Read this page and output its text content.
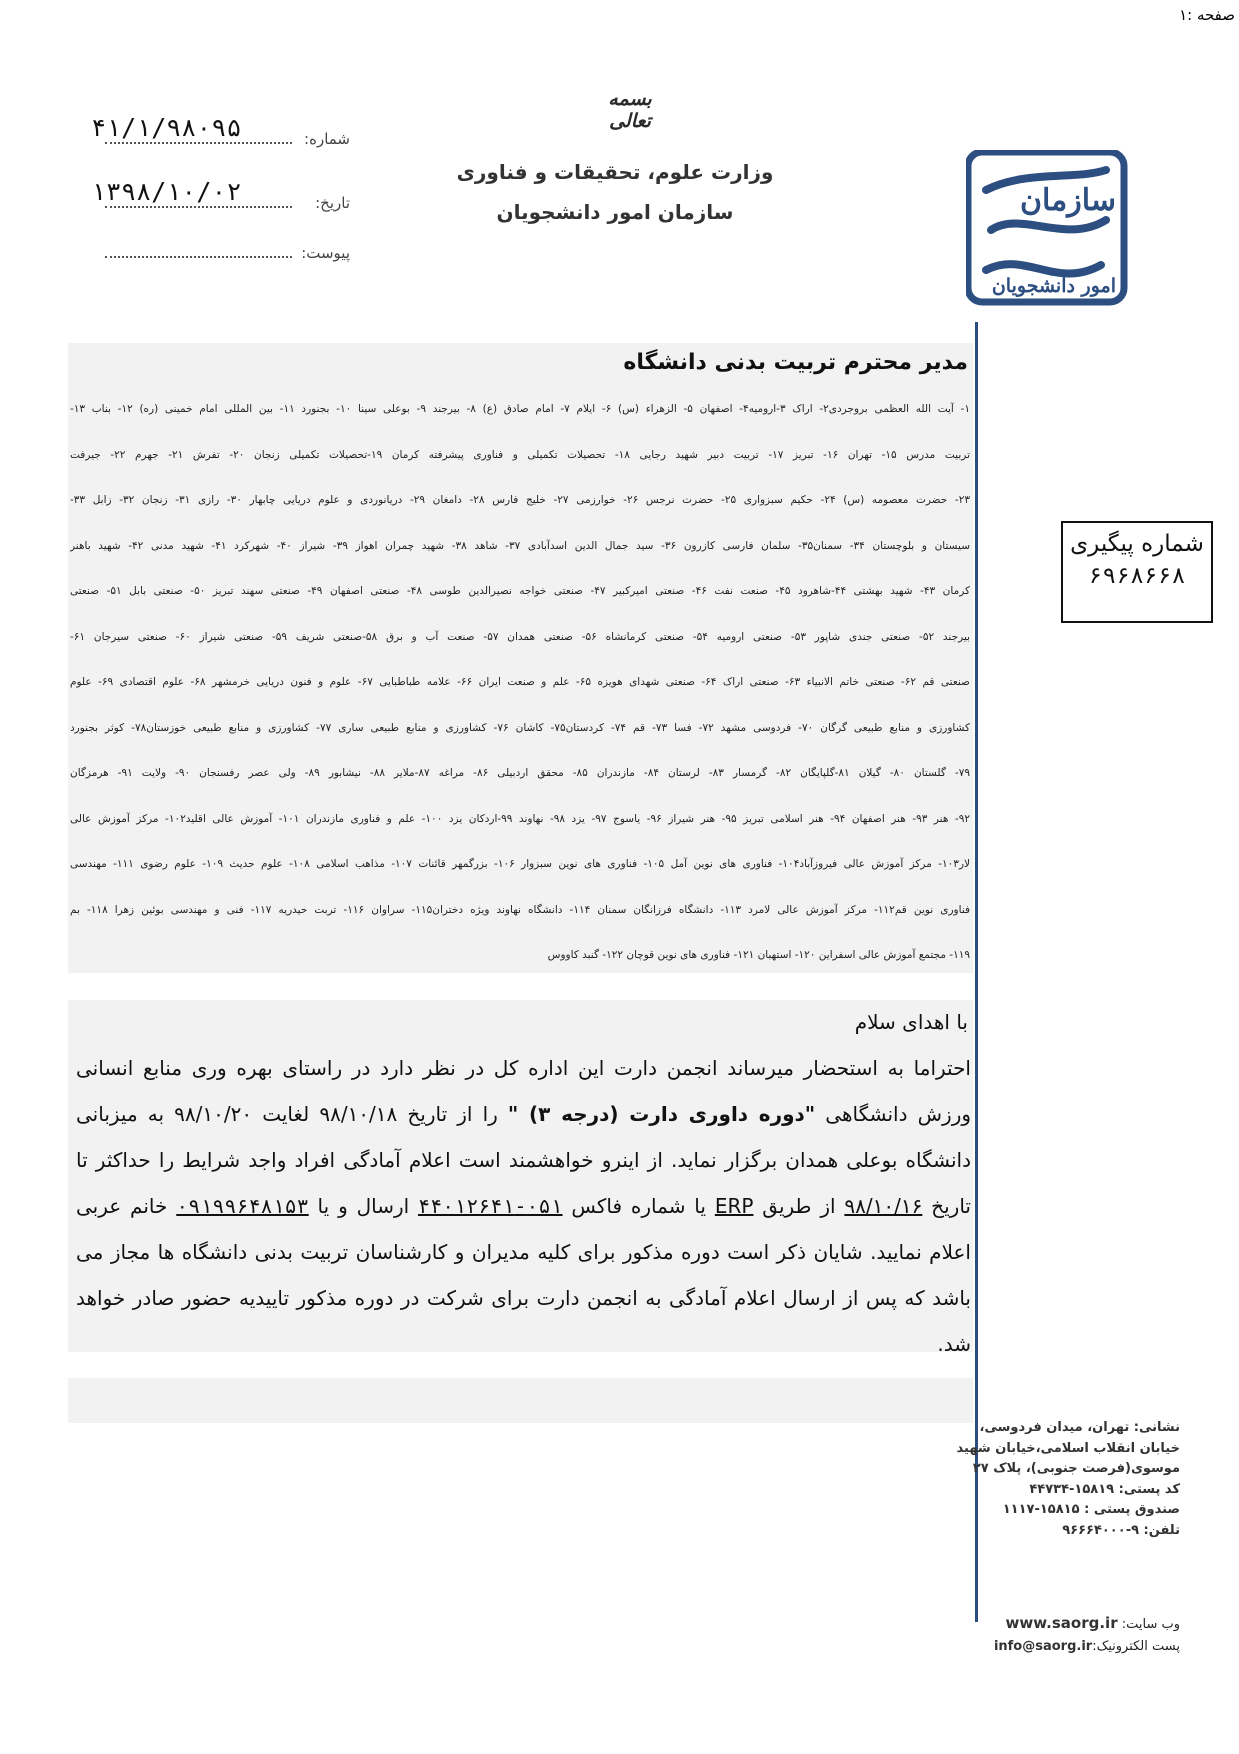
صفحه :۱
بسمه تعالی
وزارت علوم، تحقیقات و فناوری
سازمان امور دانشجویان
شماره:
۴۱/۱/۹۸۰۹۵
تاریخ:
۱۳۹۸/۱۰/۰۲
پیوست:
سازمان
امور دانشجویان
مدیر محترم تربیت بدنی دانشگاه
۱- آیت الله العظمی بروجردی۲- اراک ۳-ارومیه۴- اصفهان ۵- الزهراء (س) ۶- ایلام ۷- امام صادق (ع) ۸- بیرجند ۹- بوعلی سینا ۱۰- بجنورد ۱۱- بین المللی امام خمینی (ره) ۱۲- بناب ۱۳-
تربیت مدرس ۱۵- تهران ۱۶- تبریز ۱۷- تربیت دبیر شهید رجایی ۱۸- تحصیلات تکمیلی و فناوری پیشرفته کرمان ۱۹-تحصیلات تکمیلی زنجان ۲۰- تفرش ۲۱- جهرم ۲۲- جیرفت
۲۳- حضرت معصومه (س) ۲۴- حکیم سبزواری ۲۵- حضرت نرجس ۲۶- خوارزمی ۲۷- خلیج فارس ۲۸- دامغان ۲۹- دریانوردی و علوم دریایی چابهار ۳۰- رازی ۳۱- زنجان ۳۲- زابل ۳۳-
سیستان و بلوچستان ۳۴- سمنان۳۵- سلمان فارسی کازرون ۳۶- سید جمال الدین اسدآبادی ۳۷- شاهد ۳۸- شهید چمران اهواز ۳۹- شیراز ۴۰- شهرکرد ۴۱- شهید مدنی ۴۲- شهید باهنر
کرمان ۴۳- شهید بهشتی ۴۴-شاهرود ۴۵- صنعت نفت ۴۶- صنعتی امیرکبیر ۴۷- صنعتی خواجه نصیرالدین طوسی ۴۸- صنعتی اصفهان ۴۹- صنعتی سهند تبریز ۵۰- صنعتی بابل ۵۱- صنعتی
بیرجند ۵۲- صنعتی جندی شاپور ۵۳- صنعتی ارومیه ۵۴- صنعتی کرمانشاه ۵۶- صنعتی همدان ۵۷- صنعت آب و برق ۵۸-صنعتی شریف ۵۹- صنعتی شیراز ۶۰- صنعتی سیرجان ۶۱-
صنعتی قم ۶۲- صنعتی خاتم الانبیاء ۶۳- صنعتی اراک ۶۴- صنعتی شهدای هویزه ۶۵- علم و صنعت ایران ۶۶- علامه طباطبایی ۶۷- علوم و فنون دریایی خرمشهر ۶۸- علوم اقتصادی ۶۹- علوم
کشاورزی و منابع طبیعی گرگان ۷۰- فردوسی مشهد ۷۲- فسا ۷۳- قم ۷۴- کردستان۷۵- کاشان ۷۶- کشاورزی و منابع طبیعی ساری ۷۷- کشاورزی و منابع طبیعی خوزستان۷۸- کوثر بجنورد
۷۹- گلستان ۸۰- گیلان ۸۱-گلپایگان ۸۲- گرمسار ۸۳- لرستان ۸۴- مازندران ۸۵- محقق اردبیلی ۸۶- مراغه ۸۷-ملایر ۸۸- نیشابور ۸۹- ولی عصر رفسنجان ۹۰- ولایت ۹۱- هرمزگان
۹۲- هنر ۹۳- هنر اصفهان ۹۴- هنر اسلامی تبریز ۹۵- هنر شیراز ۹۶- یاسوج ۹۷- یزد ۹۸- نهاوند ۹۹-اردکان یزد ۱۰۰- علم و فناوری مازندران ۱۰۱- آموزش عالی اقلید۱۰۲- مرکز آموزش عالی
لار۱۰۳- مرکز آموزش عالی فیروزآباد۱۰۴- فناوری های نوین آمل ۱۰۵- فناوری های نوین سبزوار ۱۰۶- بزرگمهر قائنات ۱۰۷- مذاهب اسلامی ۱۰۸- علوم حدیث ۱۰۹- علوم رضوی ۱۱۱- مهندسی
فناوری نوین قم۱۱۲- مرکز آموزش عالی لامرد ۱۱۳- دانشگاه فرزانگان سمنان ۱۱۴- دانشگاه نهاوند ویژه دختران۱۱۵- سراوان ۱۱۶- تربت حیدریه ۱۱۷- فنی و مهندسی بوئین زهرا ۱۱۸- بم
۱۱۹- مجتمع آموزش عالی اسفراین ۱۲۰- استهبان ۱۲۱- فناوری های نوین قوچان ۱۲۲- گنبد کاووس
شماره پیگیری
۶۹۶۸۶۶۸
با اهدای سلام

احتراما به استحضار میرساند انجمن دارت این اداره کل در نظر دارد در راستای بهره وری منابع انسانی ورزش دانشگاهی "دوره داوری دارت (درجه ۳) " را از تاریخ ۹۸/۱۰/۱۸ لغایت ۹۸/۱۰/۲۰ به میزبانی دانشگاه بوعلی همدان برگزار نماید. از اینرو خواهشمند است اعلام آمادگی افراد واجد شرایط را حداکثر تا تاریخ ۹۸/۱۰/۱۶ از طریق ERP یا شماره فاکس ۰۵۱-۴۴۰۱۲۶۴۱ ارسال و یا ۰۹۱۹۹۶۴۸۱۵۳ خانم عربی اعلام نمایید. شایان ذکر است دوره مذکور برای کلیه مدیران و کارشناسان تربیت بدنی دانشگاه ها مجاز می باشد که پس از ارسال اعلام آمادگی به انجمن دارت برای شرکت در دوره مذکور تاییدیه حضور صادر خواهد شد.

نشانی: تهران، میدان فردوسی،
خیابان انقلاب اسلامی،خیابان شهید
موسوی(فرصت جنوبی)، پلاک ۲۷
کد پستی: ۱۵۸۱۹-۴۴۷۳۴
صندوق پستی : ۱۵۸۱۵-۱۱۱۷
تلفن: ۹-۹۶۶۶۴۰۰۰
وب سایت: www.saorg.ir
پست الکترونیک:info@saorg.ir
